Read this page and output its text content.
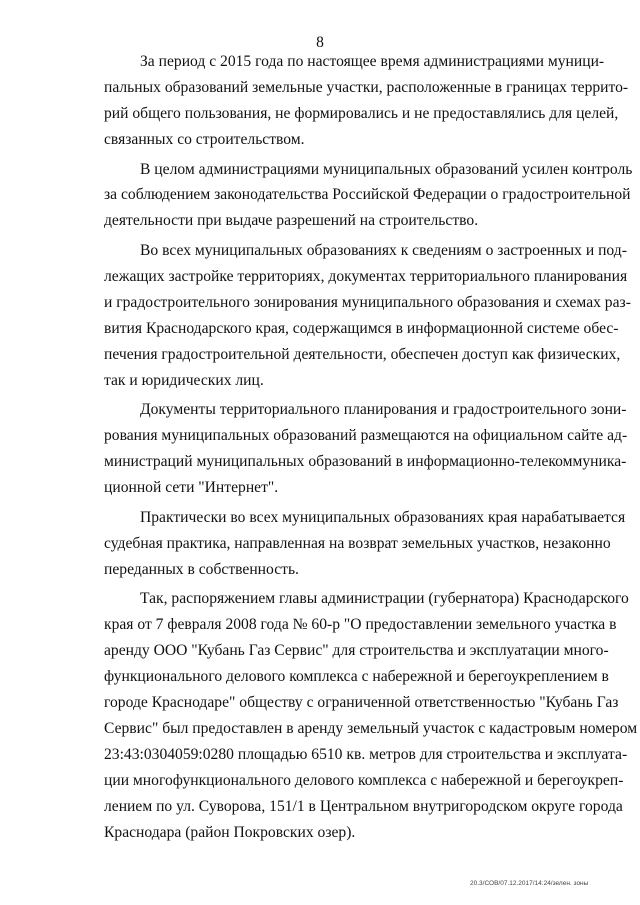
8
За период с 2015 года по настоящее время администрациями муници-
пальных образований земельные участки, расположенные в границах террито-
рий общего пользования, не формировались и не предоставлялись для целей,
связанных со строительством.
В целом администрациями муниципальных образований усилен контроль
за соблюдением законодательства Российской Федерации о градостроительной
деятельности при выдаче разрешений на строительство.
Во всех муниципальных образованиях к сведениям о застроенных и под-
лежащих застройке территориях, документах территориального планирования
и градостроительного зонирования муниципального образования и схемах раз-
вития Краснодарского края, содержащимся в информационной системе обес-
печения градостроительной деятельности, обеспечен доступ как физических,
так и юридических лиц.
Документы территориального планирования и градостроительного зони-
рования муниципальных образований размещаются на официальном сайте ад-
министраций муниципальных образований в информационно-телекоммуника-
ционной сети "Интернет".
Практически во всех муниципальных образованиях края нарабатывается
судебная практика, направленная на возврат земельных участков, незаконно
переданных в собственность.
Так, распоряжением главы администрации (губернатора) Краснодарского
края от 7 февраля 2008 года № 60-р "О предоставлении земельного участка в
аренду ООО "Кубань Газ Сервис" для строительства и эксплуатации много-
функционального делового комплекса с набережной и берегоукреплением в
городе Краснодаре" обществу с ограниченной ответственностью "Кубань Газ
Сервис" был предоставлен в аренду земельный участок с кадастровым номером
23:43:0304059:0280 площадью 6510 кв. метров для строительства и эксплуата-
ции многофункционального делового комплекса с набережной и берегоукреп-
лением по ул. Суворова, 151/1 в Центральном внутригородском округе города
Краснодара (район Покровских озер).
20.3/СОВ/07.12.2017/14:24/зелен. зоны
